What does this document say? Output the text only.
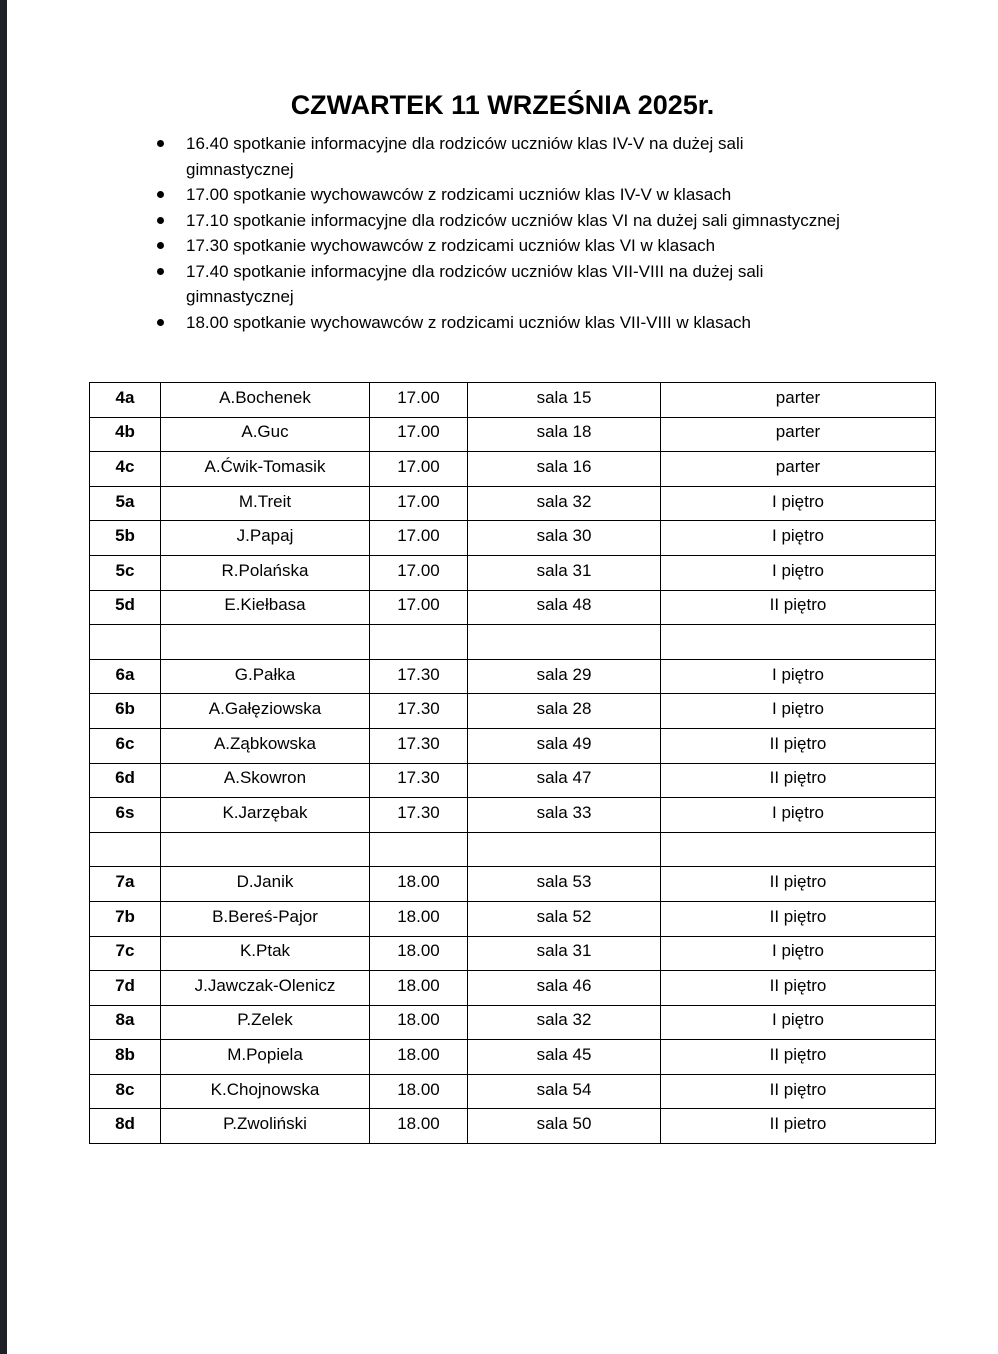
CZWARTEK 11 WRZEŚNIA 2025r.
16.40 spotkanie informacyjne dla rodziców uczniów klas IV-V na dużej sali gimnastycznej
17.00 spotkanie wychowawców z rodzicami uczniów klas IV-V w klasach
17.10 spotkanie informacyjne dla rodziców uczniów klas VI na dużej sali gimnastycznej
17.30 spotkanie wychowawców z rodzicami uczniów klas VI w klasach
17.40 spotkanie informacyjne dla rodziców uczniów klas VII-VIII na dużej sali gimnastycznej
18.00 spotkanie wychowawców z rodzicami uczniów klas VII-VIII w klasach
4a	A.Bochenek	17.00	sala 15	parter
4b	A.Guc	17.00	sala 18	parter
4c	A.Ćwik-Tomasik	17.00	sala 16	parter
5a	M.Treit	17.00	sala 32	I piętro
5b	J.Papaj	17.00	sala 30	I piętro
5c	R.Polańska	17.00	sala 31	I piętro
5d	E.Kiełbasa	17.00	sala 48	II piętro

6a	G.Pałka	17.30	sala 29	I piętro
6b	A.Gałęziowska	17.30	sala 28	I piętro
6c	A.Ząbkowska	17.30	sala 49	II piętro
6d	A.Skowron	17.30	sala 47	II piętro
6s	K.Jarzębak	17.30	sala 33	I piętro

7a	D.Janik	18.00	sala 53	II piętro
7b	B.Bereś-Pajor	18.00	sala 52	II piętro
7c	K.Ptak	18.00	sala 31	I piętro
7d	J.Jawczak-Olenicz	18.00	sala 46	II piętro
8a	P.Zelek	18.00	sala 32	I piętro
8b	M.Popiela	18.00	sala 45	II piętro
8c	K.Chojnowska	18.00	sala 54	II piętro
8d	P.Zwoliński	18.00	sala 50	II pietro
